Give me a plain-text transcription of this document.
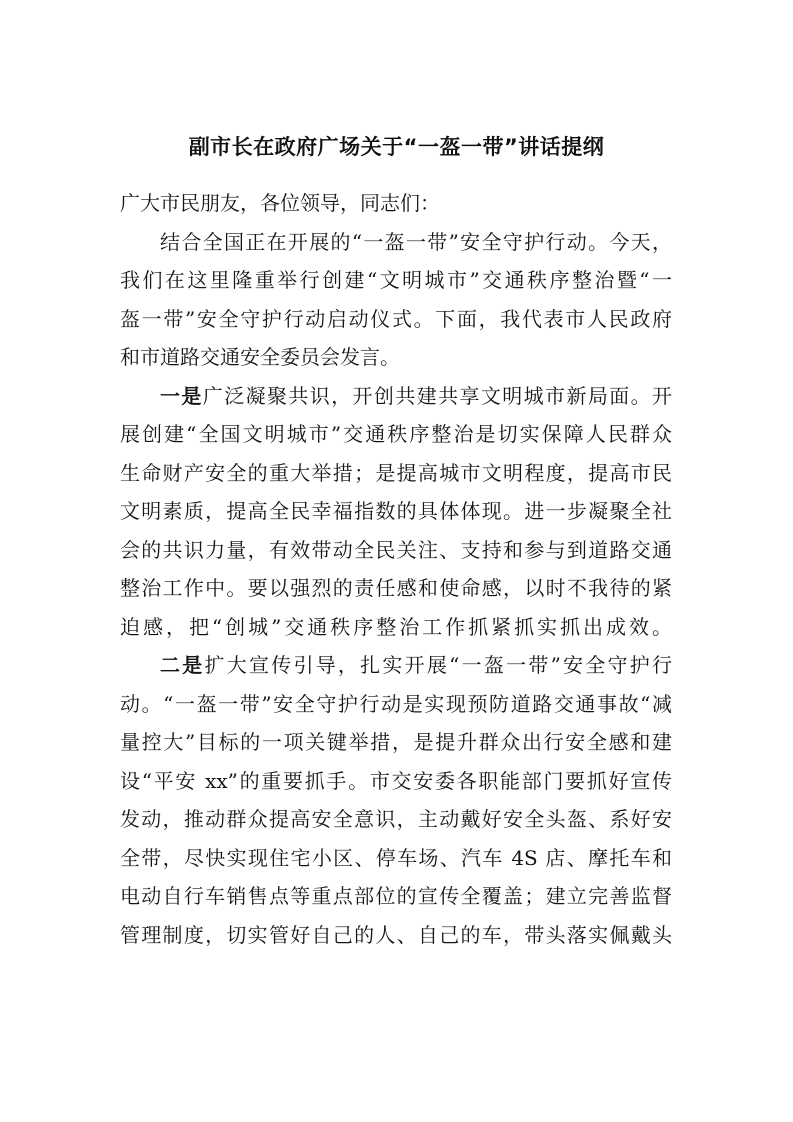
副市长在政府广场关于“一盔一带”讲话提纲
广大市民朋友，各位领导，同志们：
结合全国正在开展的“一盔一带”安全守护行动。今天，
我们在这里隆重举行创建“文明城市”交通秩序整治暨“一
盔一带”安全守护行动启动仪式。下面，我代表市人民政府
和市道路交通安全委员会发言。
一是广泛凝聚共识，开创共建共享文明城市新局面。开
展创建“全国文明城市”交通秩序整治是切实保障人民群众
生命财产安全的重大举措；是提高城市文明程度，提高市民
文明素质，提高全民幸福指数的具体体现。进一步凝聚全社
会的共识力量，有效带动全民关注、支持和参与到道路交通
整治工作中。要以强烈的责任感和使命感，以时不我待的紧
迫感，把“创城”交通秩序整治工作抓紧抓实抓出成效。
二是扩大宣传引导，扎实开展“一盔一带”安全守护行
动。“一盔一带”安全守护行动是实现预防道路交通事故“减
量控大”目标的一项关键举措，是提升群众出行安全感和建
设“平安 xx”的重要抓手。市交安委各职能部门要抓好宣传
发动，推动群众提高安全意识，主动戴好安全头盔、系好安
全带，尽快实现住宅小区、停车场、汽车 4S 店、摩托车和
电动自行车销售点等重点部位的宣传全覆盖；建立完善监督
管理制度，切实管好自己的人、自己的车，带头落实佩戴头
